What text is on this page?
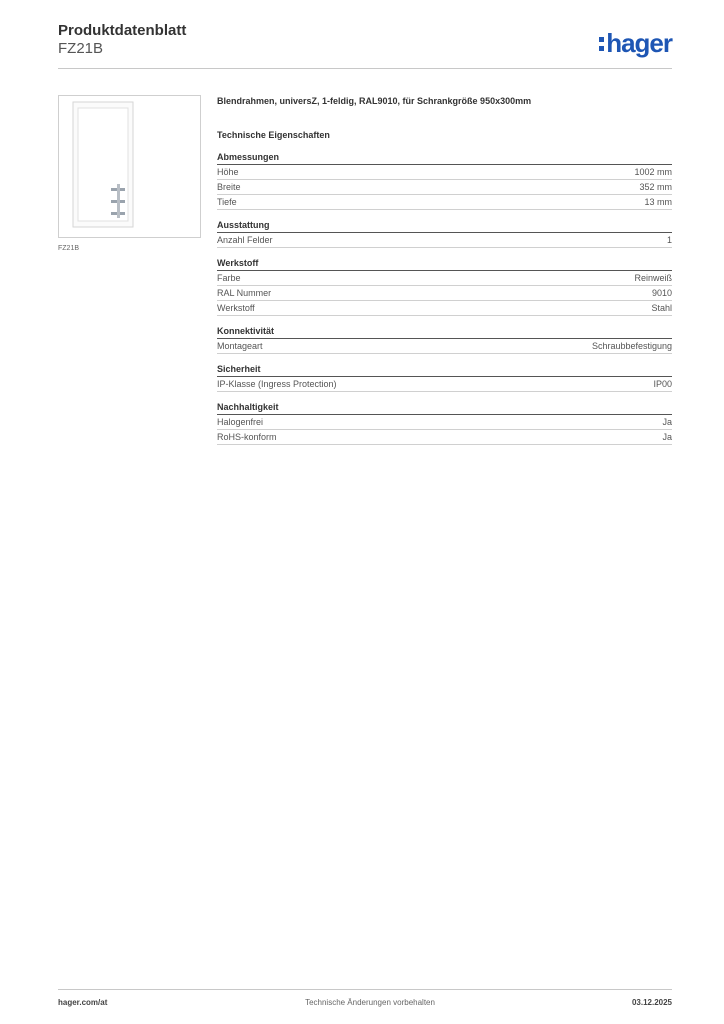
Produktdatenblatt
FZ21B	hager
FZ21B
Blendrahmen, universZ, 1-feldig, RAL9010, für Schrankgröße 950x300mm
Technische Eigenschaften
Abmessungen
Höhe	1002 mm
Breite	352 mm
Tiefe	13 mm
Ausstattung
Anzahl Felder	1
Werkstoff
Farbe	Reinweiß
RAL Nummer	9010
Werkstoff	Stahl
Konnektivität
Montageart	Schraubbefestigung
Sicherheit
IP-Klasse (Ingress Protection)	IP00
Nachhaltigkeit
Halogenfrei	Ja
RoHS-konform	Ja
hager.com/at	Technische Änderungen vorbehalten	03.12.2025
